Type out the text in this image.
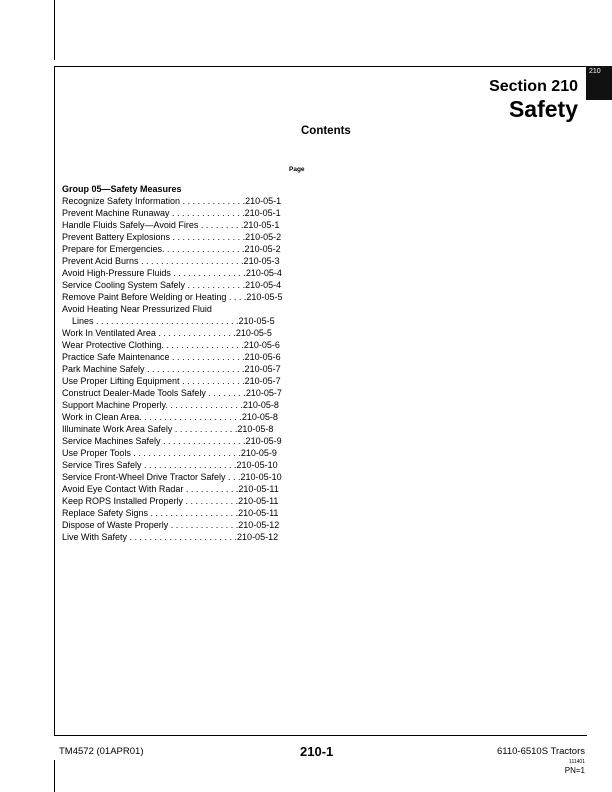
210
Section 210
Safety
Contents
Page
Group 05—Safety Measures
Recognize Safety Information . . . . . . . . . . . . .210-05-1
Prevent Machine Runaway . . . . . . . . . . . . . . .210-05-1
Handle Fluids Safely—Avoid Fires . . . . . . . . .210-05-1
Prevent Battery Explosions . . . . . . . . . . . . . . .210-05-2
Prepare for Emergencies. . . . . . . . . . . . . . . . .210-05-2
Prevent Acid Burns . . . . . . . . . . . . . . . . . . . . .210-05-3
Avoid High-Pressure Fluids . . . . . . . . . . . . . . .210-05-4
Service Cooling System Safely . . . . . . . . . . . .210-05-4
Remove Paint Before Welding or Heating . . . .210-05-5
Avoid Heating Near Pressurized Fluid
Lines . . . . . . . . . . . . . . . . . . . . . . . . . . . . .210-05-5
Work In Ventilated Area . . . . . . . . . . . . . . . .210-05-5
Wear Protective Clothing. . . . . . . . . . . . . . . . .210-05-6
Practice Safe Maintenance . . . . . . . . . . . . . . .210-05-6
Park Machine Safely . . . . . . . . . . . . . . . . . . . .210-05-7
Use Proper Lifting Equipment . . . . . . . . . . . . .210-05-7
Construct Dealer-Made Tools Safely . . . . . . . .210-05-7
Support Machine Properly. . . . . . . . . . . . . . . .210-05-8
Work in Clean Area. . . . . . . . . . . . . . . . . . . . .210-05-8
Illuminate Work Area Safely . . . . . . . . . . . . .210-05-8
Service Machines Safely . . . . . . . . . . . . . . . . .210-05-9
Use Proper Tools . . . . . . . . . . . . . . . . . . . . . .210-05-9
Service Tires Safely . . . . . . . . . . . . . . . . . . .210-05-10
Service Front-Wheel Drive Tractor Safely . . .210-05-10
Avoid Eye Contact With Radar . . . . . . . . . . .210-05-11
Keep ROPS Installed Properly . . . . . . . . . . .210-05-11
Replace Safety Signs . . . . . . . . . . . . . . . . . .210-05-11
Dispose of Waste Properly . . . . . . . . . . . . . .210-05-12
Live With Safety . . . . . . . . . . . . . . . . . . . . . .210-05-12
TM4572 (01APR01)	210-1	6110-6510S Tractors
111401
PN=1
